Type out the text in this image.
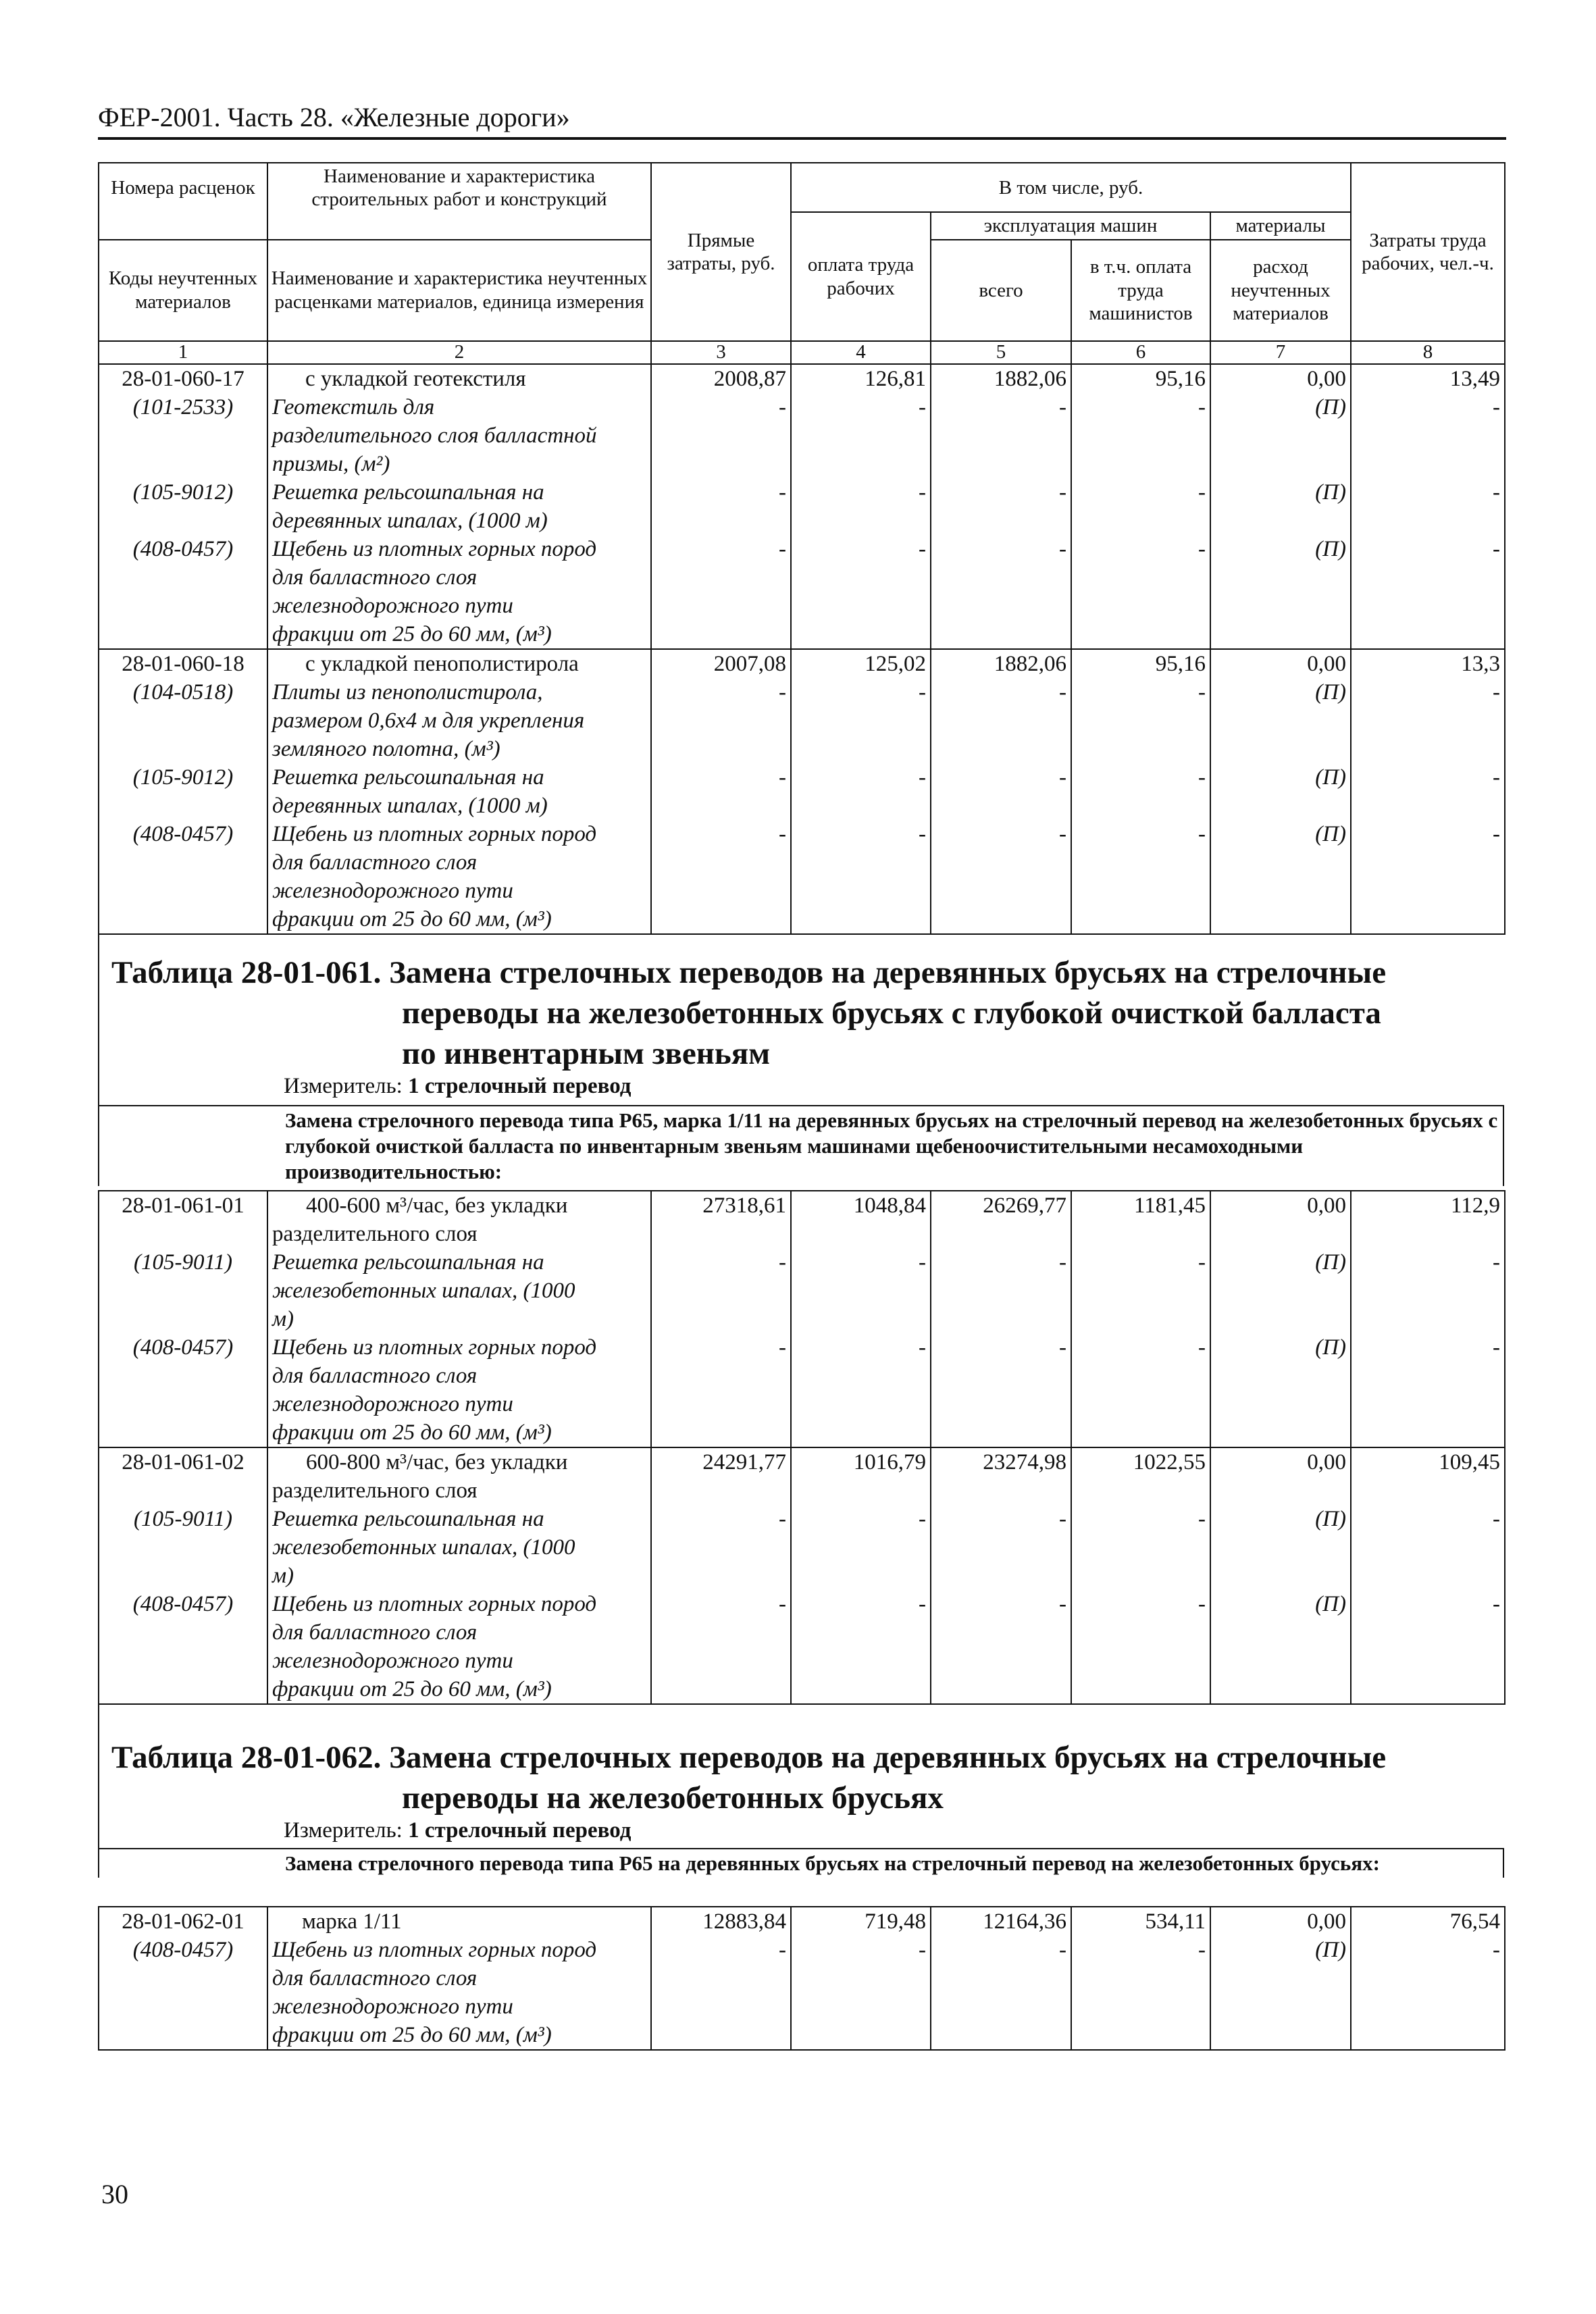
ФЕР-2001. Часть 28. «Железные дороги»
Номера расценок	Наименование и характеристика строительных работ и конструкций	Прямые затраты, руб.	В том числе, руб.				Затраты труда рабочих, чел.-ч.
			оплата труда рабочих	эксплуатация машин		материалы	
Коды неучтенных материалов	Наименование и характеристика неучтенных расценками материалов, единица измерения			всего	в т.ч. оплата труда машинистов	расход неучтенных материалов	
1	2	3	4	5	6	7	8
28-01-060-17	с укладкой геотекстиля	2008,87	126,81	1882,06	95,16	0,00	13,49
(101-2533)	Геотекстиль для
разделительного слоя балластной
призмы, (м²)	-	-	-	-	(П)	-
(105-9012)	Решетка рельсошпальная на
деревянных шпалах, (1000 м)	-	-	-	-	(П)	-
(408-0457)	Щебень из плотных горных пород
для балластного слоя
железнодорожного пути
фракции от 25 до 60 мм, (м³)	-	-	-	-	(П)	-
28-01-060-18	с укладкой пенополистирола	2007,08	125,02	1882,06	95,16	0,00	13,3
(104-0518)	Плиты из пенополистирола,
размером 0,6х4 м для укрепления
земляного полотна, (м³)	-	-	-	-	(П)	-
(105-9012)	Решетка рельсошпальная на
деревянных шпалах, (1000 м)	-	-	-	-	(П)	-
(408-0457)	Щебень из плотных горных пород
для балластного слоя
железнодорожного пути
фракции от 25 до 60 мм, (м³)	-	-	-	-	(П)	-
Таблица 28-01-061. Замена стрелочных переводов на деревянных брусьях на стрелочные
переводы на железобетонных брусьях с глубокой очисткой балласта
по инвентарным звеньям
Измеритель: 1 стрелочный перевод
Замена стрелочного перевода типа Р65, марка 1/11 на деревянных брусьях на стрелочный перевод на железобетонных брусьях с глубокой очисткой балласта по инвентарным звеньям машинами щебеноочистительными несамоходными производительностью:
28-01-061-01	400-600 м³/час, без укладки
разделительного слоя	27318,61	1048,84	26269,77	1181,45	0,00	112,9
(105-9011)	Решетка рельсошпальная на
железобетонных шпалах, (1000
м)	-	-	-	-	(П)	-
(408-0457)	Щебень из плотных горных пород
для балластного слоя
железнодорожного пути
фракции от 25 до 60 мм, (м³)	-	-	-	-	(П)	-
28-01-061-02	600-800 м³/час, без укладки
разделительного слоя	24291,77	1016,79	23274,98	1022,55	0,00	109,45
(105-9011)	Решетка рельсошпальная на
железобетонных шпалах, (1000
м)	-	-	-	-	(П)	-
(408-0457)	Щебень из плотных горных пород
для балластного слоя
железнодорожного пути
фракции от 25 до 60 мм, (м³)	-	-	-	-	(П)	-
Таблица 28-01-062. Замена стрелочных переводов на деревянных брусьях на стрелочные
переводы на железобетонных брусьях
Измеритель: 1 стрелочный перевод
Замена стрелочного перевода типа Р65 на деревянных брусьях на стрелочный перевод на железобетонных брусьях:
28-01-062-01	марка 1/11	12883,84	719,48	12164,36	534,11	0,00	76,54
(408-0457)	Щебень из плотных горных пород
для балластного слоя
железнодорожного пути
фракции от 25 до 60 мм, (м³)	-	-	-	-	(П)	-
30
